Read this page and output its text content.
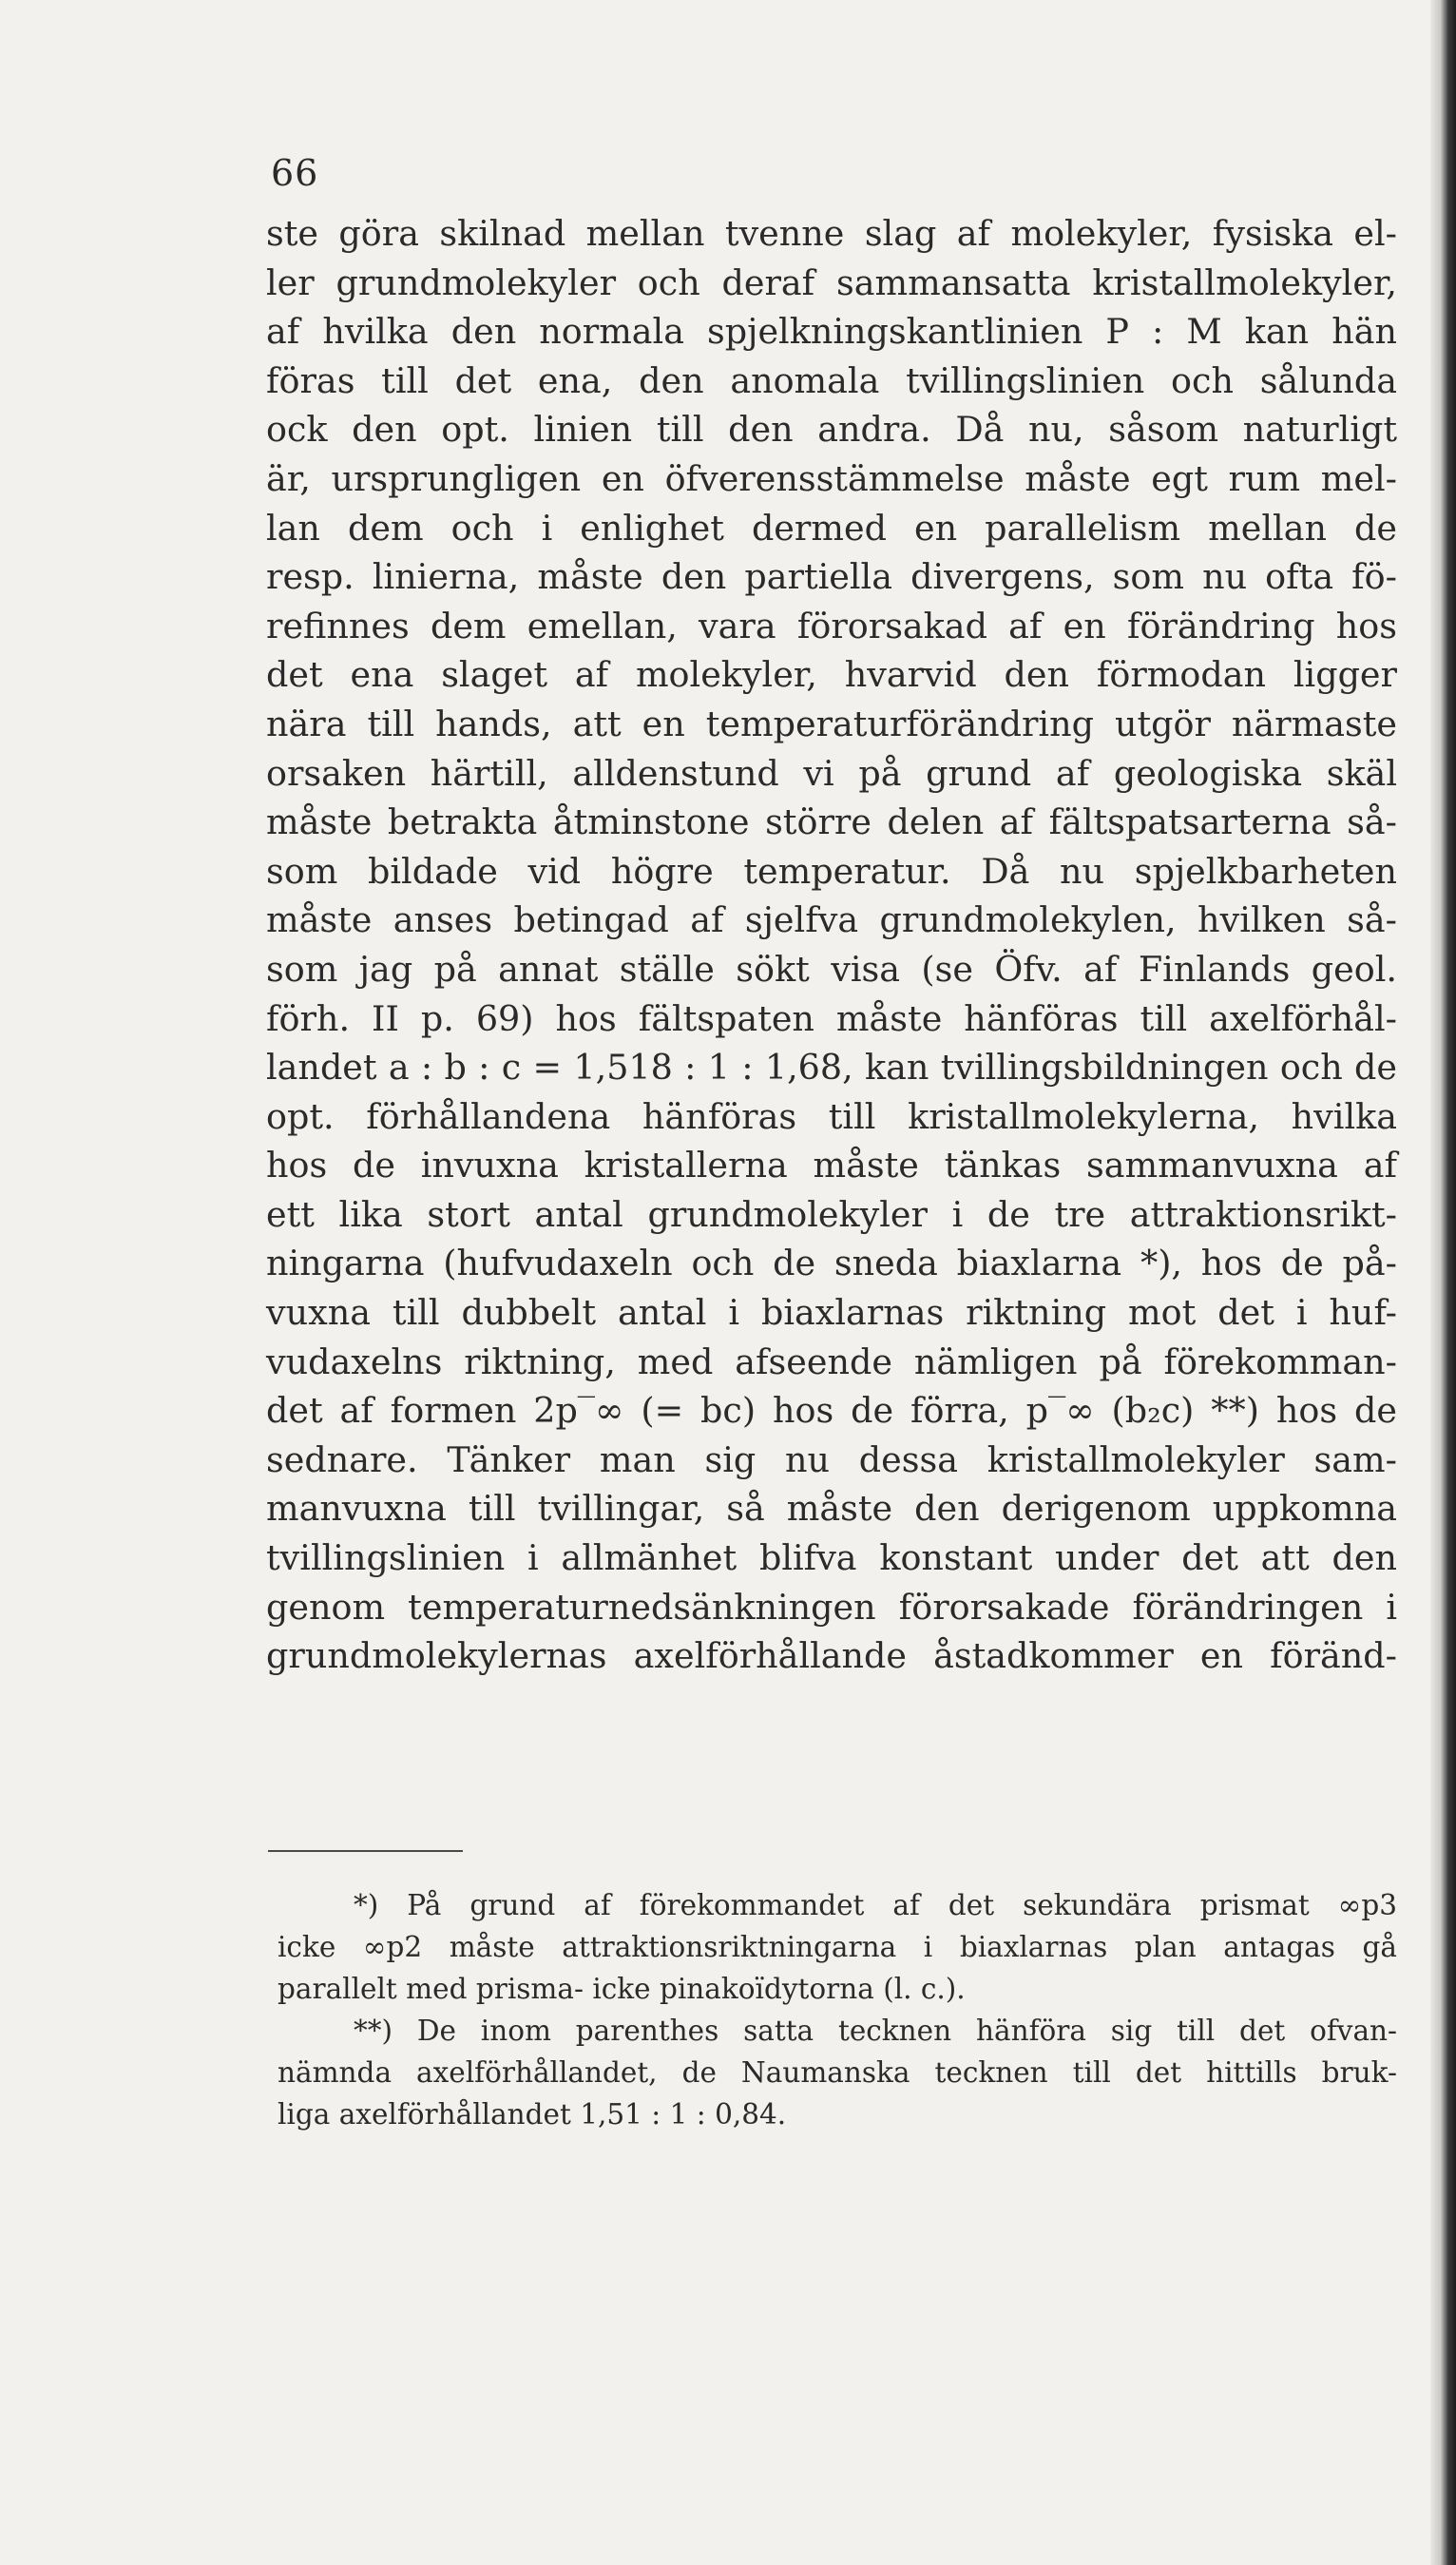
66
ste göra skilnad mellan tvenne slag af molekyler, fysiska el-
ler grundmolekyler och deraf sammansatta kristallmolekyler,
af hvilka den normala spjelkningskantlinien P : M kan hän
föras till det ena, den anomala tvillingslinien och sålunda
ock den opt. linien till den andra. Då nu, såsom naturligt
är, ursprungligen en öfverensstämmelse måste egt rum mel-
lan dem och i enlighet dermed en parallelism mellan de
resp. linierna, måste den partiella divergens, som nu ofta fö-
refinnes dem emellan, vara förorsakad af en förändring hos
det ena slaget af molekyler, hvarvid den förmodan ligger
nära till hands, att en temperaturförändring utgör närmaste
orsaken härtill, alldenstund vi på grund af geologiska skäl
måste betrakta åtminstone större delen af fältspatsarterna så-
som bildade vid högre temperatur. Då nu spjelkbarheten
måste anses betingad af sjelfva grundmolekylen, hvilken så-
som jag på annat ställe sökt visa (se Öfv. af Finlands geol.
förh. II p. 69) hos fältspaten måste hänföras till axelförhål-
landet a : b : c = 1,518 : 1 : 1,68, kan tvillingsbildningen och de
opt. förhållandena hänföras till kristallmolekylerna, hvilka
hos de invuxna kristallerna måste tänkas sammanvuxna af
ett lika stort antal grundmolekyler i de tre attraktionsrikt-
ningarna (hufvudaxeln och de sneda biaxlarna *), hos de på-
vuxna till dubbelt antal i biaxlarnas riktning mot det i huf-
vudaxelns riktning, med afseende nämligen på förekomman-
det af formen 2p‾∞ (= bc) hos de förra, p‾∞ (b₂c) **) hos de
sednare. Tänker man sig nu dessa kristallmolekyler sam-
manvuxna till tvillingar, så måste den derigenom uppkomna
tvillingslinien i allmänhet blifva konstant under det att den
genom temperaturnedsänkningen förorsakade förändringen i
grundmolekylernas axelförhållande åstadkommer en föränd-
*) På grund af förekommandet af det sekundära prismat ∞p3
icke ∞p2 måste attraktionsriktningarna i biaxlarnas plan antagas gå
parallelt med prisma- icke pinakoïdytorna (l. c.).
**) De inom parenthes satta tecknen hänföra sig till det ofvan-
nämnda axelförhållandet, de Naumanska tecknen till det hittills bruk-
liga axelförhållandet 1,51 : 1 : 0,84.
